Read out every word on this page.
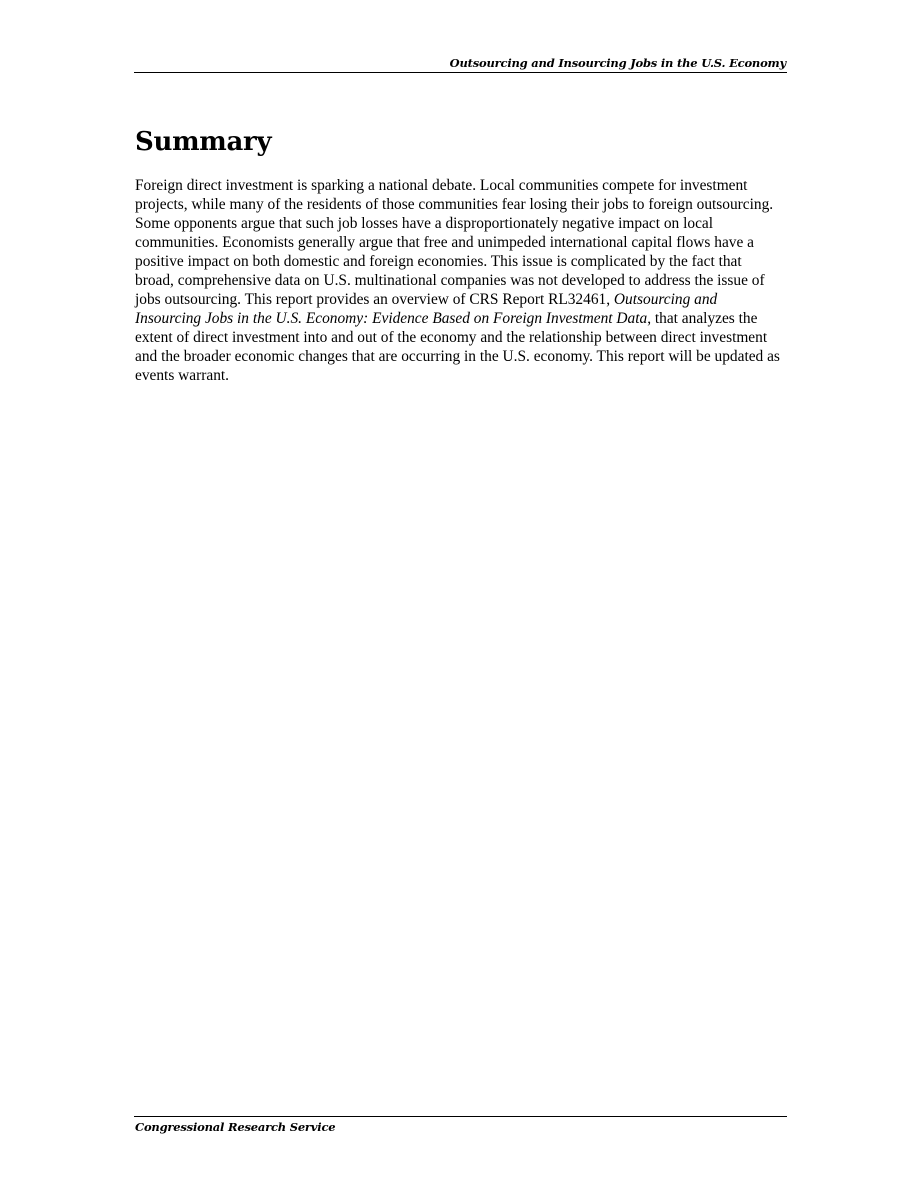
Outsourcing and Insourcing Jobs in the U.S. Economy
Summary

Foreign direct investment is sparking a national debate. Local communities compete for investment projects, while many of the residents of those communities fear losing their jobs to foreign outsourcing. Some opponents argue that such job losses have a disproportionately negative impact on local communities. Economists generally argue that free and unimpeded international capital flows have a positive impact on both domestic and foreign economies. This issue is complicated by the fact that broad, comprehensive data on U.S. multinational companies was not developed to address the issue of jobs outsourcing. This report provides an overview of CRS Report RL32461, Outsourcing and Insourcing Jobs in the U.S. Economy: Evidence Based on Foreign Investment Data, that analyzes the extent of direct investment into and out of the economy and the relationship between direct investment and the broader economic changes that are occurring in the U.S. economy. This report will be updated as events warrant.

Congressional Research Service
